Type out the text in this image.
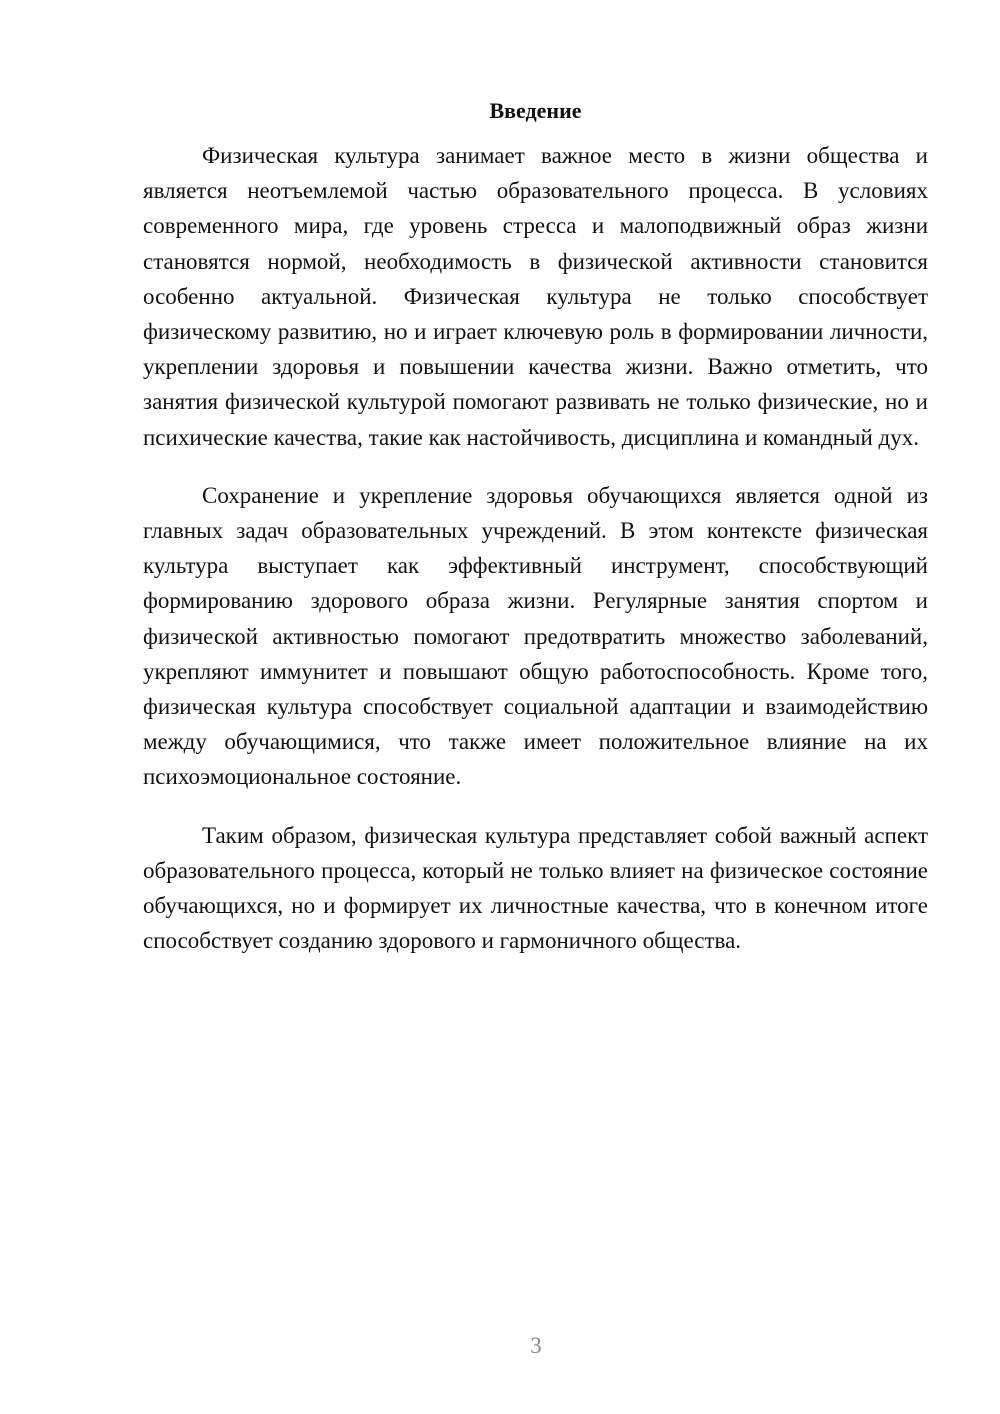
Введение

Физическая культура занимает важное место в жизни общества и является неотъемлемой частью образовательного процесса. В условиях современного мира, где уровень стресса и малоподвижный образ жизни становятся нормой, необходимость в физической активности становится особенно актуальной. Физическая культура не только способствует физическому развитию, но и играет ключевую роль в формировании личности, укреплении здоровья и повышении качества жизни. Важно отметить, что занятия физической культурой помогают развивать не только физические, но и психические качества, такие как настойчивость, дисциплина и командный дух.

Сохранение и укрепление здоровья обучающихся является одной из главных задач образовательных учреждений. В этом контексте физическая культура выступает как эффективный инструмент, способствующий формированию здорового образа жизни. Регулярные занятия спортом и физической активностью помогают предотвратить множество заболеваний, укрепляют иммунитет и повышают общую работоспособность. Кроме того, физическая культура способствует социальной адаптации и взаимодействию между обучающимися, что также имеет положительное влияние на их психоэмоциональное состояние.

Таким образом, физическая культура представляет собой важный аспект образовательного процесса, который не только влияет на физическое состояние обучающихся, но и формирует их личностные качества, что в конечном итоге способствует созданию здорового и гармоничного общества.

3
